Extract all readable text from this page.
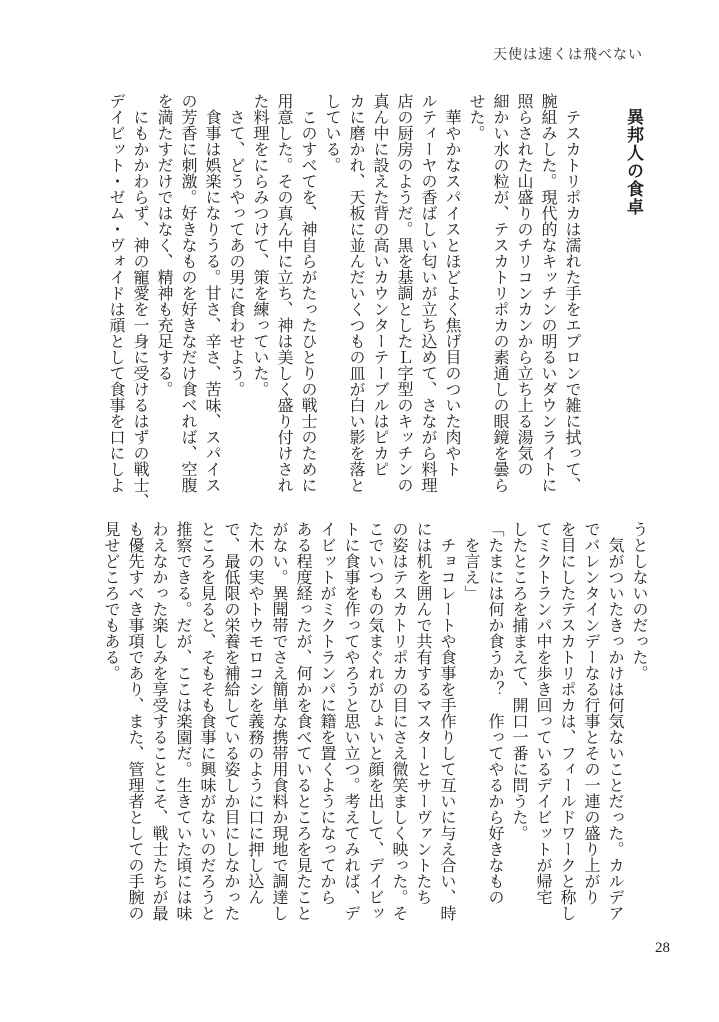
天使は速くは飛べない
異邦人の食卓
　テスカトリポカは濡れた手をエプロンで雑に拭って、
腕組みした。現代的なキッチンの明るいダウンライトに
照らされた山盛りのチリコンカンから立ち上る湯気の
細かい水の粒が、テスカトリポカの素通しの眼鏡を曇ら
せた。
　華やかなスパイスとほどよく焦げ目のついた肉やト
ルティーヤの香ばしい匂いが立ち込めて、さながら料理
店の厨房のようだ。黒を基調としたＬ字型のキッチンの
真ん中に設えた背の高いカウンターテーブルはピカピ
カに磨かれ、天板に並んだいくつもの皿が白い影を落と
している。
　このすべてを、神自らがたったひとりの戦士のために
用意した。その真ん中に立ち、神は美しく盛り付けされ
た料理をにらみつけて、策を練っていた。
　さて、どうやってあの男に食わせよう。
　食事は娯楽になりうる。甘さ、辛さ、苦味、スパイス
の芳香に刺激。好きなものを好きなだけ食べれば、空腹
を満たすだけではなく、精神も充足する。
　にもかかわらず、神の寵愛を一身に受けるはずの戦士、
デイビット・ゼム・ヴォイドは頑として食事を口にしよ
うとしないのだった。
　気がついたきっかけは何気ないことだった。カルデア
でバレンタインデーなる行事とその一連の盛り上がり
を目にしたテスカトリポカは、フィールドワークと称し
てミクトランパ中を歩き回っているデイビットが帰宅
したところを捕まえて、開口一番に問うた。
「たまには何か食うか？　作ってやるから好きなもの
　を言え」
　チョコレートや食事を手作りして互いに与え合い、時
には机を囲んで共有するマスターとサーヴァントたち
の姿はテスカトリポカの目にさえ微笑ましく映った。そ
こでいつもの気まぐれがひょいと顔を出して、デイビッ
トに食事を作ってやろうと思い立つ。考えてみれば、デ
イビットがミクトランパに籍を置くようになってから
ある程度経ったが、何かを食べているところを見たこと
がない。異聞帯でさえ簡単な携帯用食料か現地で調達し
た木の実やトウモロコシを義務のように口に押し込ん
で、最低限の栄養を補給している姿しか目にしなかった
ところを見ると、そもそも食事に興味がないのだろうと
推察できる。だが、ここは楽園だ。生きていた頃には味
わえなかった楽しみを享受することこそ、戦士たちが最
も優先すべき事項であり、また、管理者としての手腕の
見せどころでもある。
28
